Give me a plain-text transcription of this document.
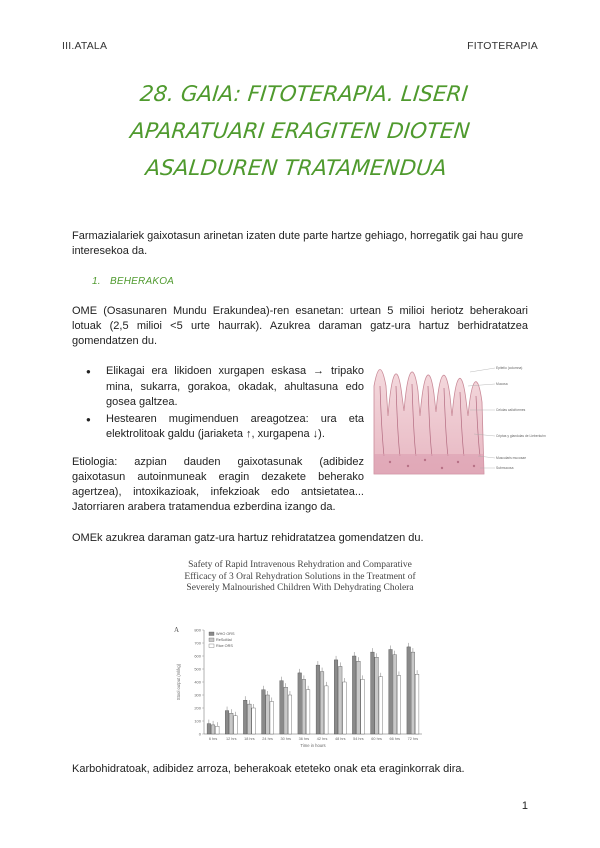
III.ATALA	FITOTERAPIA
28. GAIA: FITOTERAPIA. LISERI
APARATUARI ERAGITEN DIOTEN
ASALDUREN TRATAMENDUA
Farmazialariek gaixotasun arinetan izaten dute parte hartze gehiago, horregatik gai hau gure interesekoa da.
1. BEHERAKOA
OME (Osasunaren Mundu Erakundea)-ren esanetan: urtean 5 milioi heriotz beherakoari lotuak (2,5 milioi <5 urte haurrak). Azukrea daraman gatz-ura hartuz berhidratatzea gomendatzen du.
● Elikagai era likidoen xurgapen eskasa → tripako mina, sukarra, gorakoa, okadak, ahultasuna edo gosea galtzea.
● Hestearen mugimenduen areagotzea: ura eta elektrolitoak galdu (jariaketa ↑, xurgapena ↓).
Epitelio (columna)
Mucosa
Celulas caliciformes
Criptas y glandulas de Lieberkuhn
Muscularis mucosae
Submucosa
Etiologia: azpian dauden gaixotasunak (adibidez gaixotasun autoinmuneak eragin dezakete beherako agertzea), intoxikazioak, infekzioak edo antsietatea... Jatorriaren arabera tratamendua ezberdina izango da.
OMEk azukrea daraman gatz-ura hartuz rehidratatzea gomendatzen du.
Safety of Rapid Intravenous Rehydration and Comparative
Efficacy of 3 Oral Rehydration Solutions in the Treatment of
Severely Malnourished Children With Dehydrating Cholera
A
0
100
200
300
400
500
600
700
800
Stool output (ml/kg)
6 hrs 12 hrs 18 hrs 24 hrs 30 hrs 36 hrs 42 hrs 48 hrs 54 hrs 60 hrs 66 hrs 72 hrs
Time in hours
WHO ORS
ReSoMal
Rice ORS
Karbohidratoak, adibidez arroza, beherakoak eteteko onak eta eraginkorrak dira.
1
